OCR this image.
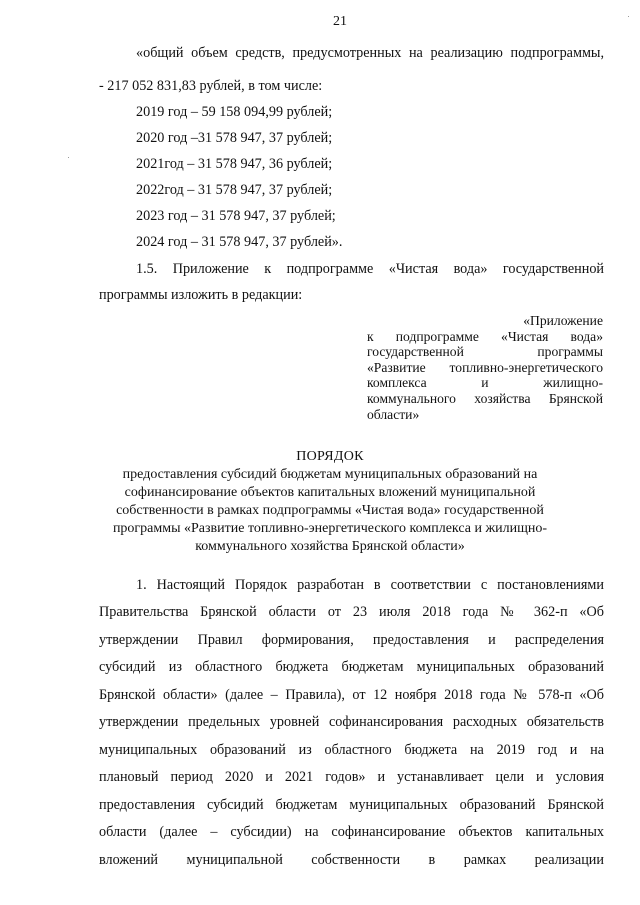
21
«общий объем средств, предусмотренных на реализацию подпрограммы,
- 217 052 831,83 рублей, в том числе:
2019 год – 59 158 094,99 рублей;
2020 год –31 578 947, 37 рублей;
2021год – 31 578 947, 36 рублей;
2022год – 31 578 947, 37 рублей;
2023 год – 31 578 947, 37 рублей;
2024 год – 31 578 947, 37 рублей».
1.5. Приложение к подпрограмме «Чистая вода» государственной
программы изложить в редакции:
«Приложение
к подпрограмме «Чистая вода»
государственной программы
«Развитие топливно-энергетического
комплекса и жилищно-
коммунального хозяйства Брянской
области»
ПОРЯДОК
предоставления субсидий бюджетам муниципальных образований на
софинансирование объектов капитальных вложений муниципальной
собственности в рамках подпрограммы «Чистая вода» государственной
программы «Развитие топливно-энергетического комплекса и жилищно-
коммунального хозяйства Брянской области»
1. Настоящий Порядок разработан в соответствии с постановлениями
Правительства Брянской области от 23 июля 2018 года № 362-п «Об
утверждении Правил формирования, предоставления и распределения
субсидий из областного бюджета бюджетам муниципальных образований
Брянской области» (далее – Правила), от 12 ноября 2018 года № 578-п «Об
утверждении предельных уровней софинансирования расходных обязательств
муниципальных образований из областного бюджета на 2019 год и на
плановый период 2020 и 2021 годов» и устанавливает цели и условия
предоставления субсидий бюджетам муниципальных образований Брянской
области (далее – субсидии) на софинансирование объектов капитальных
вложений муниципальной собственности в рамках реализации
